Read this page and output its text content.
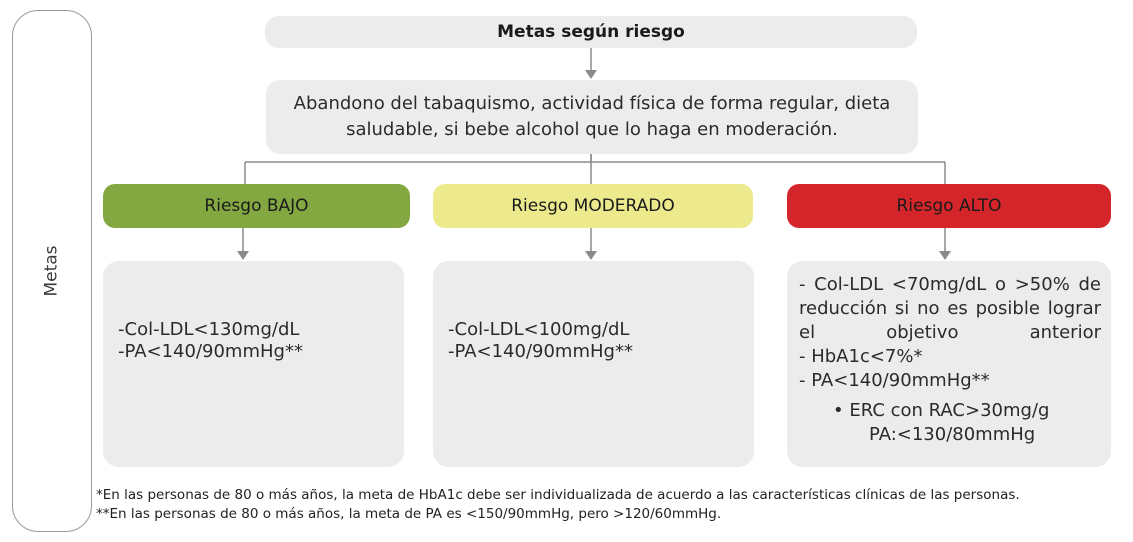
Metas
Metas según riesgo
Abandono del tabaquismo, actividad física de forma regular, dieta saludable, si bebe alcohol que lo haga en moderación.
Riesgo BAJO	Riesgo MODERADO	Riesgo ALTO
-Col-LDL<130mg/dL
-PA<140/90mmHg**
-Col-LDL<100mg/dL
-PA<140/90mmHg**
- Col-LDL <70mg/dL o >50% de reducción si no es posible lograr el objetivo anterior
- HbA1c<7%*
- PA<140/90mmHg**
• ERC con RAC>30mg/g
PA:<130/80mmHg
*En las personas de 80 o más años, la meta de HbA1c debe ser individualizada de acuerdo a las características clínicas de las personas.
**En las personas de 80 o más años, la meta de PA es <150/90mmHg, pero >120/60mmHg.
